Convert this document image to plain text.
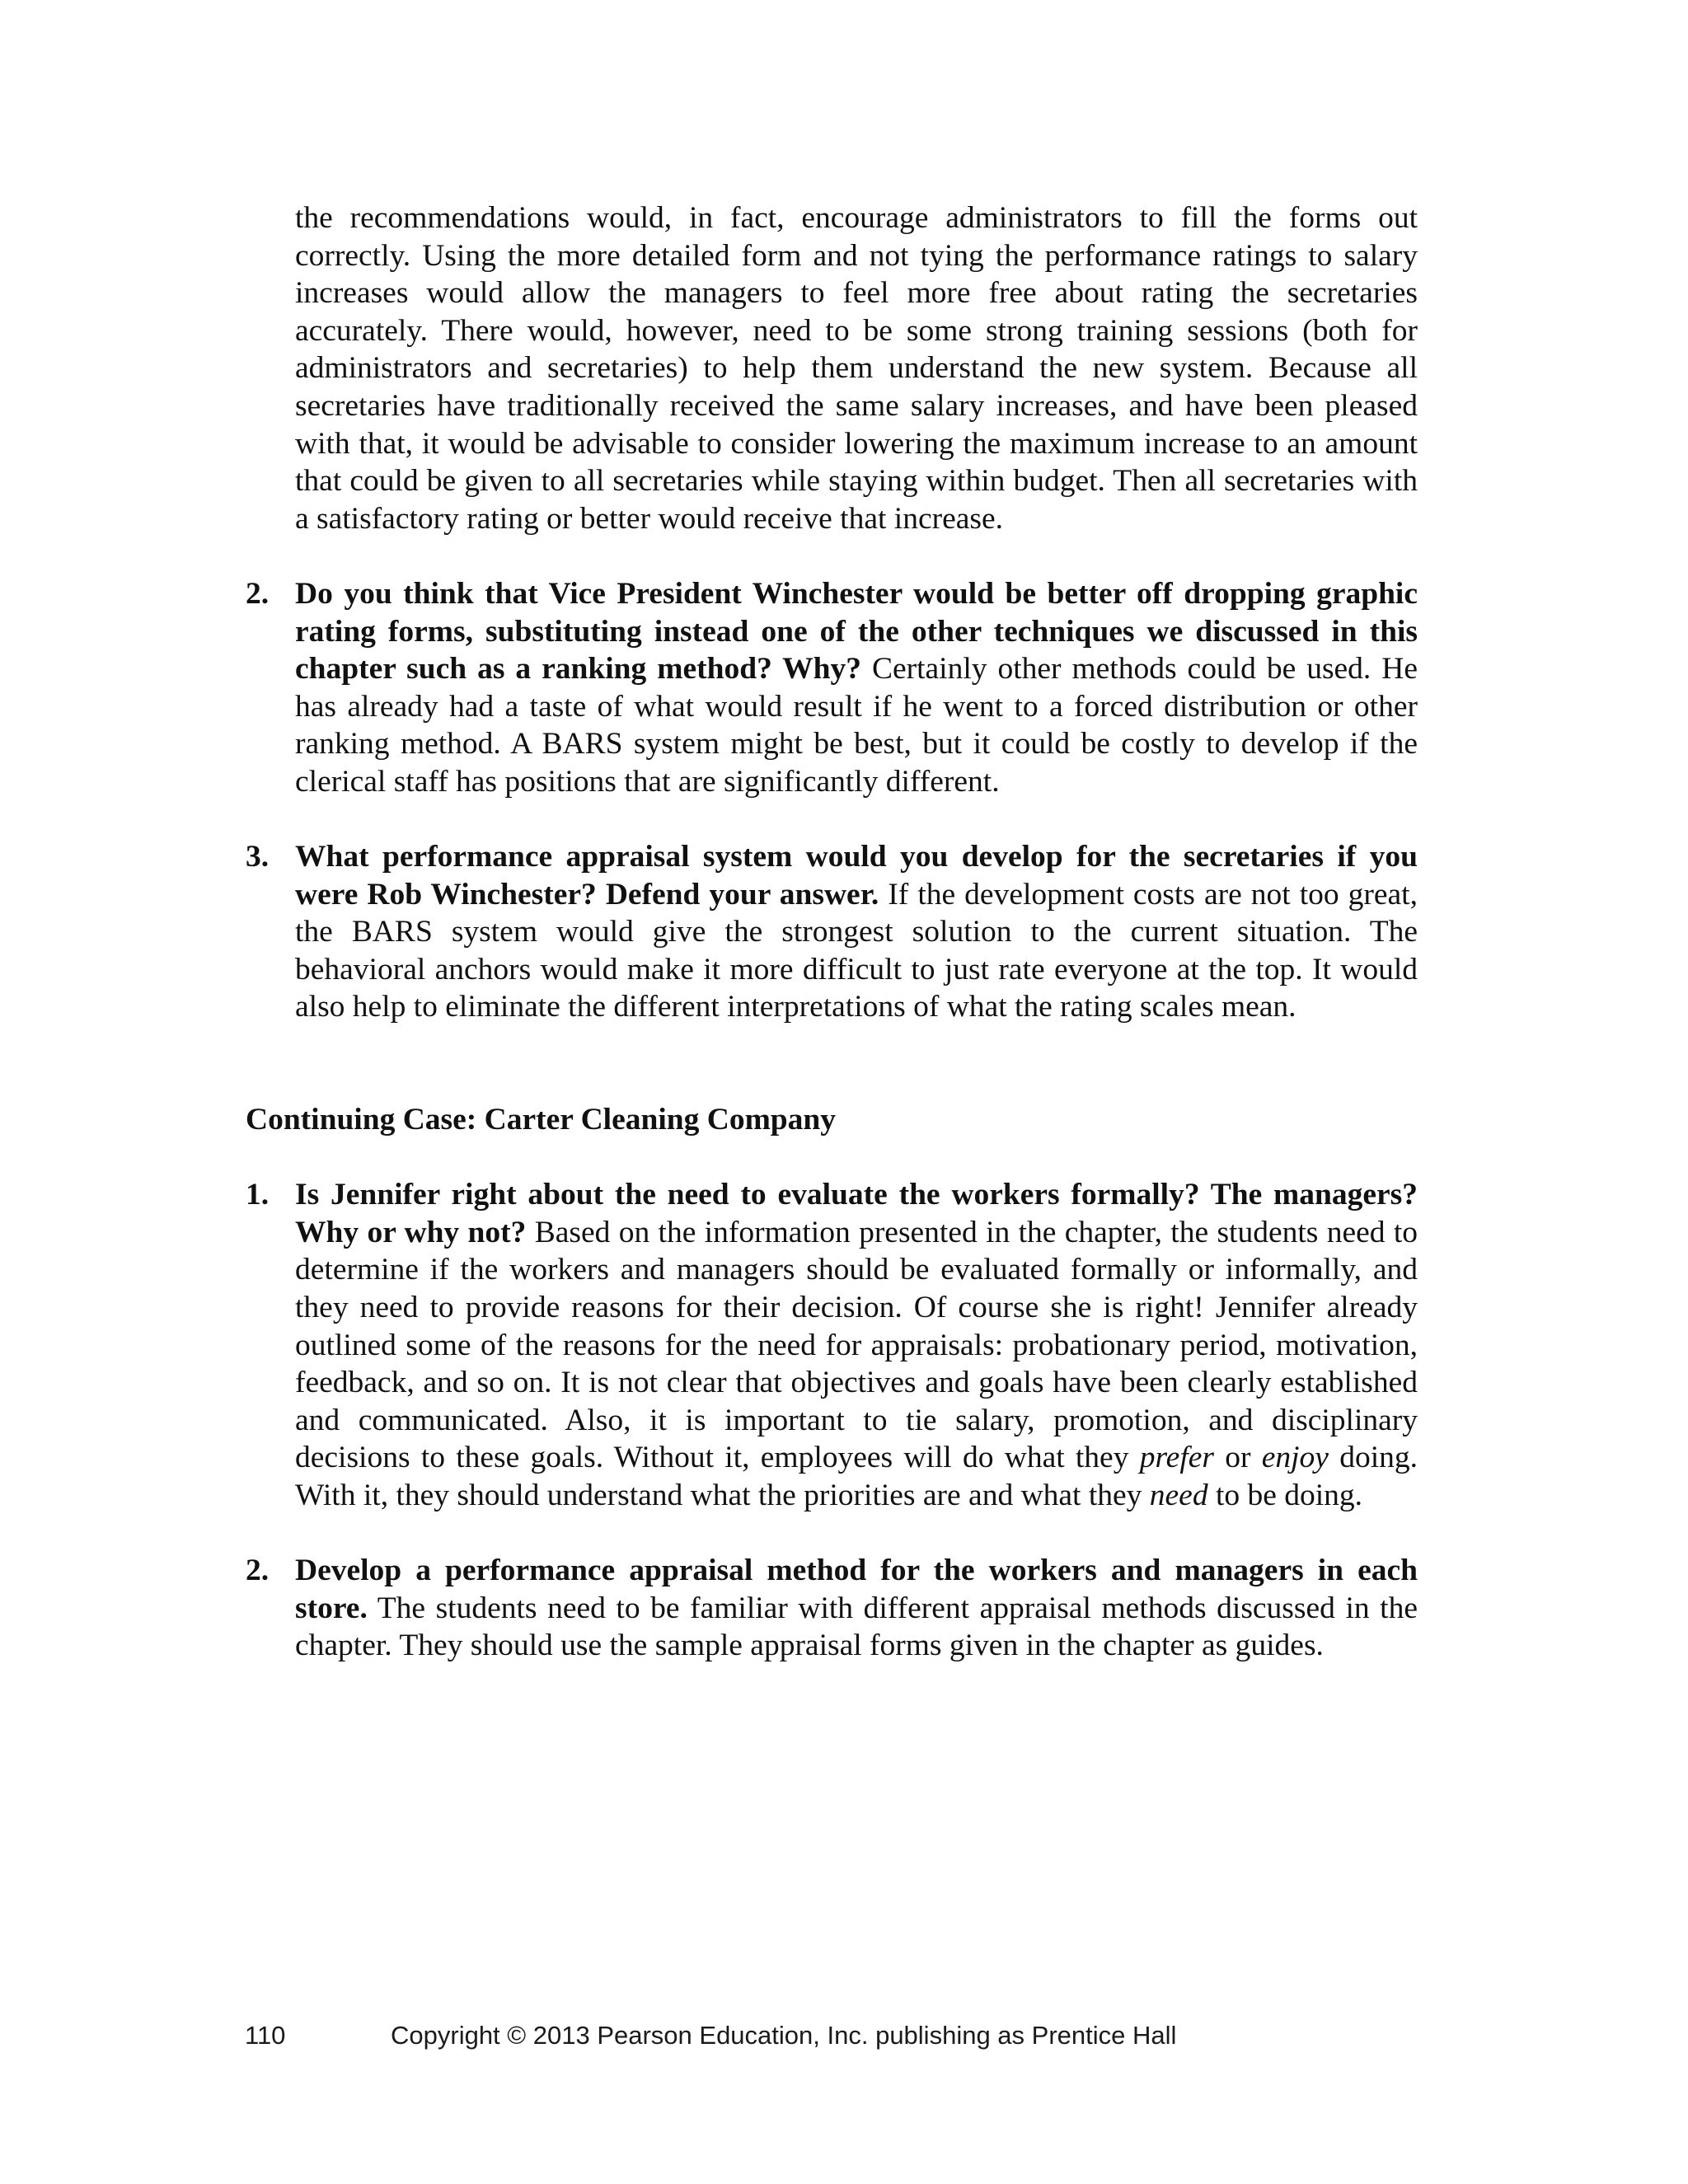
the recommendations would, in fact, encourage administrators to fill the forms out correctly. Using the more detailed form and not tying the performance ratings to salary increases would allow the managers to feel more free about rating the secretaries accurately. There would, however, need to be some strong training sessions (both for administrators and secretaries) to help them understand the new system. Because all secretaries have traditionally received the same salary increases, and have been pleased with that, it would be advisable to consider lowering the maximum increase to an amount that could be given to all secretaries while staying within budget. Then all secretaries with a satisfactory rating or better would receive that increase.

2. Do you think that Vice President Winchester would be better off dropping graphic rating forms, substituting instead one of the other techniques we discussed in this chapter such as a ranking method? Why? Certainly other methods could be used. He has already had a taste of what would result if he went to a forced distribution or other ranking method. A BARS system might be best, but it could be costly to develop if the clerical staff has positions that are significantly different.
3. What performance appraisal system would you develop for the secretaries if you were Rob Winchester? Defend your answer. If the development costs are not too great, the BARS system would give the strongest solution to the current situation. The behavioral anchors would make it more difficult to just rate everyone at the top. It would also help to eliminate the different interpretations of what the rating scales mean.
Continuing Case: Carter Cleaning Company
1. Is Jennifer right about the need to evaluate the workers formally? The managers? Why or why not? Based on the information presented in the chapter, the students need to determine if the workers and managers should be evaluated formally or informally, and they need to provide reasons for their decision. Of course she is right! Jennifer already outlined some of the reasons for the need for appraisals: probationary period, motivation, feedback, and so on. It is not clear that objectives and goals have been clearly established and communicated. Also, it is important to tie salary, promotion, and disciplinary decisions to these goals. Without it, employees will do what they prefer or enjoy doing. With it, they should understand what the priorities are and what they need to be doing.
2. Develop a performance appraisal method for the workers and managers in each store. The students need to be familiar with different appraisal methods discussed in the chapter. They should use the sample appraisal forms given in the chapter as guides.
110	Copyright © 2013 Pearson Education, Inc. publishing as Prentice Hall
